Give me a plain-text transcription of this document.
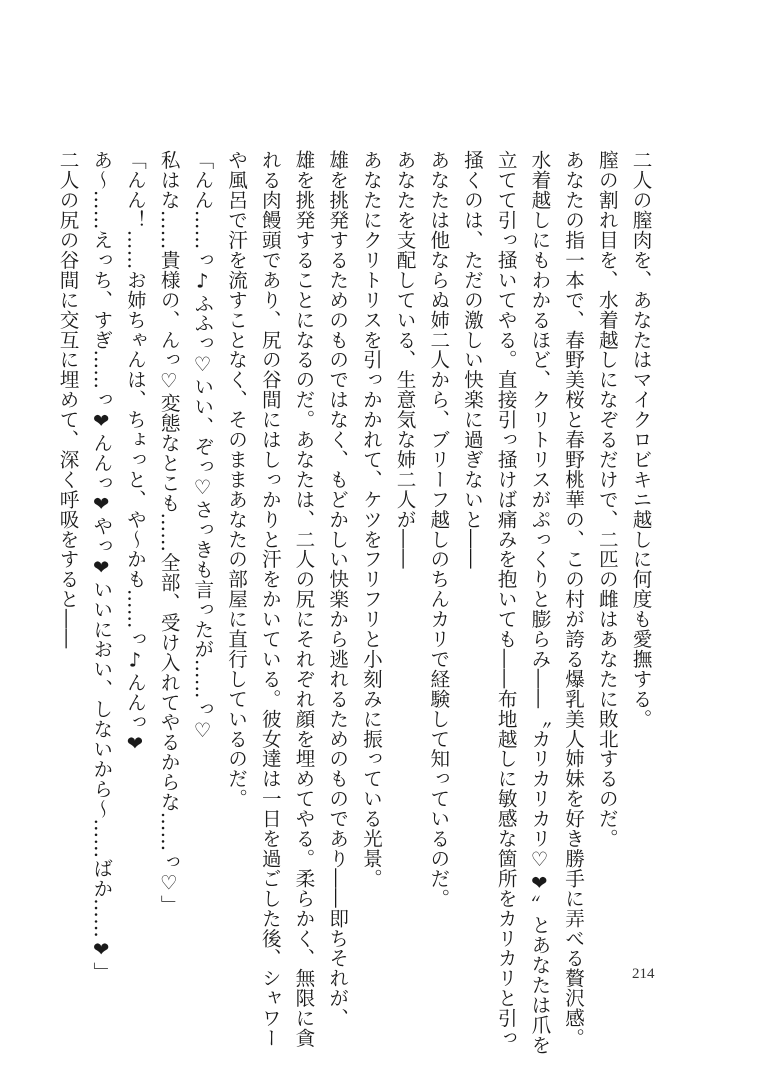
二人の膣肉を、あなたはマイクロビキニ越しに何度も愛撫する。
膣の割れ目を、水着越しになぞるだけで、二匹の雌はあなたに敗北するのだ。
あなたの指一本で、春野美桜と春野桃華の、この村が誇る爆乳美人姉妹を好き勝手に弄べる贅沢感。
水着越しにもわかるほど、クリトリスがぷっくりと膨らみ――〝カリカリカリ♡❤〟とあなたは爪を
立てて引っ掻いてやる。直接引っ掻けば痛みを抱いても――布地越しに敏感な箇所をカリカリと引っ
掻くのは、ただの激しい快楽に過ぎないと――
あなたは他ならぬ姉二人から、ブリーフ越しのちんカリで経験して知っているのだ。
あなたを支配している、生意気な姉二人が――
あなたにクリトリスを引っかかれて、ケツをフリフリと小刻みに振っている光景。
雄を挑発するためのものではなく、もどかしい快楽から逃れるためのものであり――即ちそれが、
雄を挑発することになるのだ。あなたは、二人の尻にそれぞれ顔を埋めてやる。柔らかく、無限に貪
れる肉饅頭であり、尻の谷間にはしっかりと汗をかいている。彼女達は一日を過ごした後、シャワー
や風呂で汗を流すことなく、そのままあなたの部屋に直行しているのだ。
「んん……っ♪ふふっ♡いい、ぞっ♡さっきも言ったが……っ♡
私はな……貴様の、んっ♡変態なとこも……全部、受け入れてやるからな……っ♡」
「んん！……お姉ちゃんは、ちょっと、や～かも……っ♪んんっ❤
あ～……えっち、すぎ……っ❤んんっ❤やっ❤いいにおい、しないから～……ばか……❤」
二人の尻の谷間に交互に埋めて、深く呼吸をすると――
214
